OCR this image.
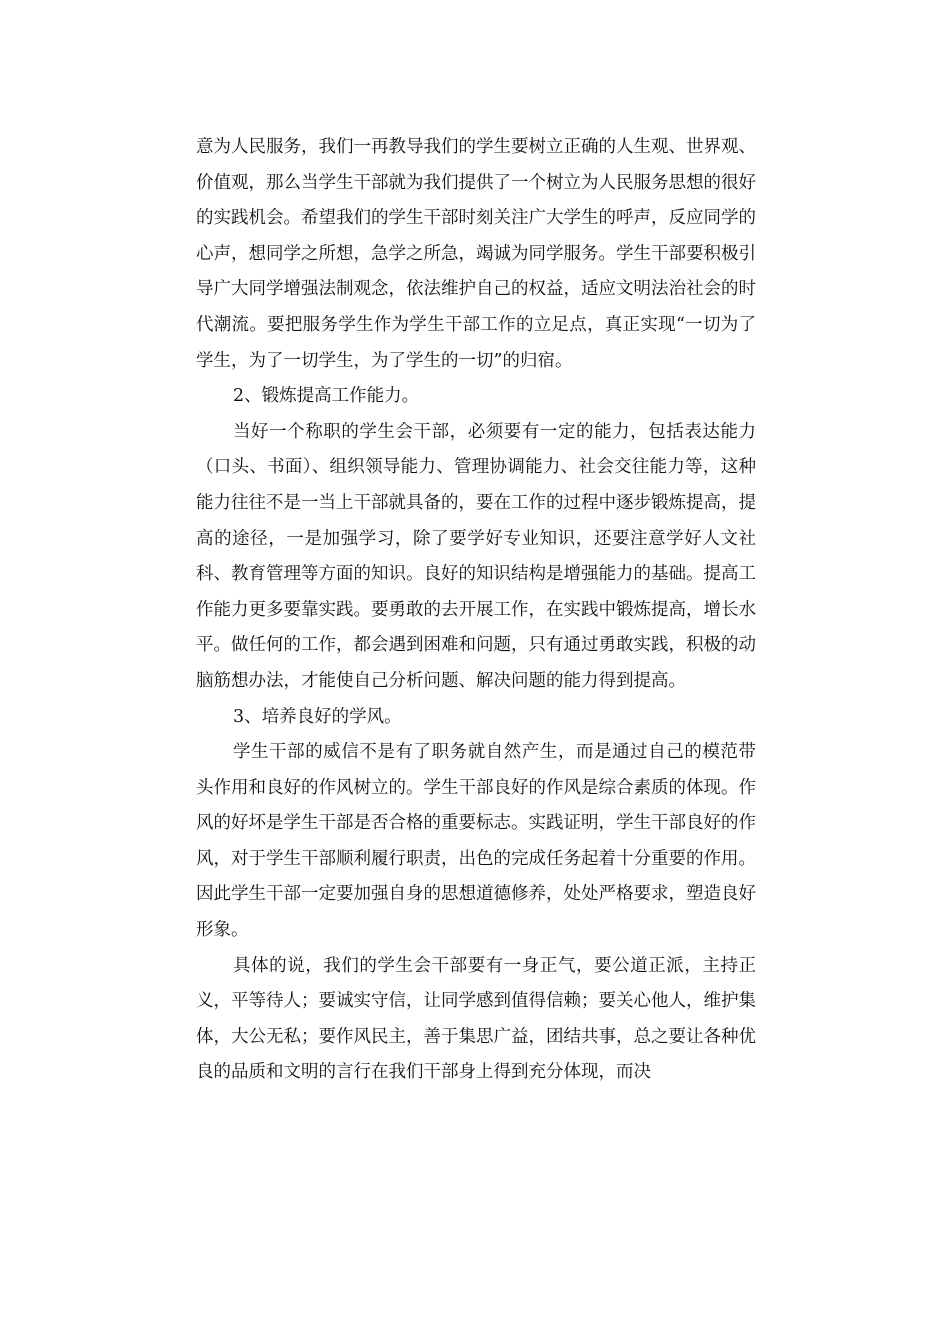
意为人民服务，我们一再教导我们的学生要树立正确的人生观、世界观、价值观，那么当学生干部就为我们提供了一个树立为人民服务思想的很好的实践机会。希望我们的学生干部时刻关注广大学生的呼声，反应同学的心声，想同学之所想，急学之所急，竭诚为同学服务。学生干部要积极引导广大同学增强法制观念，依法维护自己的权益，适应文明法治社会的时代潮流。要把服务学生作为学生干部工作的立足点，真正实现“一切为了学生，为了一切学生，为了学生的一切”的归宿。

2、锻炼提高工作能力。

当好一个称职的学生会干部，必须要有一定的能力，包括表达能力（口头、书面）、组织领导能力、管理协调能力、社会交往能力等，这种能力往往不是一当上干部就具备的，要在工作的过程中逐步锻炼提高，提高的途径，一是加强学习，除了要学好专业知识，还要注意学好人文社科、教育管理等方面的知识。良好的知识结构是增强能力的基础。提高工作能力更多要靠实践。要勇敢的去开展工作，在实践中锻炼提高，增长水平。做任何的工作，都会遇到困难和问题，只有通过勇敢实践，积极的动脑筋想办法，才能使自己分析问题、解决问题的能力得到提高。

3、培养良好的学风。

学生干部的威信不是有了职务就自然产生，而是通过自己的模范带头作用和良好的作风树立的。学生干部良好的作风是综合素质的体现。作风的好坏是学生干部是否合格的重要标志。实践证明，学生干部良好的作风，对于学生干部顺利履行职责，出色的完成任务起着十分重要的作用。因此学生干部一定要加强自身的思想道德修养，处处严格要求，塑造良好形象。

具体的说，我们的学生会干部要有一身正气，要公道正派，主持正义，平等待人；要诚实守信，让同学感到值得信赖；要关心他人，维护集体，大公无私；要作风民主，善于集思广益，团结共事，总之要让各种优良的品质和文明的言行在我们干部身上得到充分体现，而决
